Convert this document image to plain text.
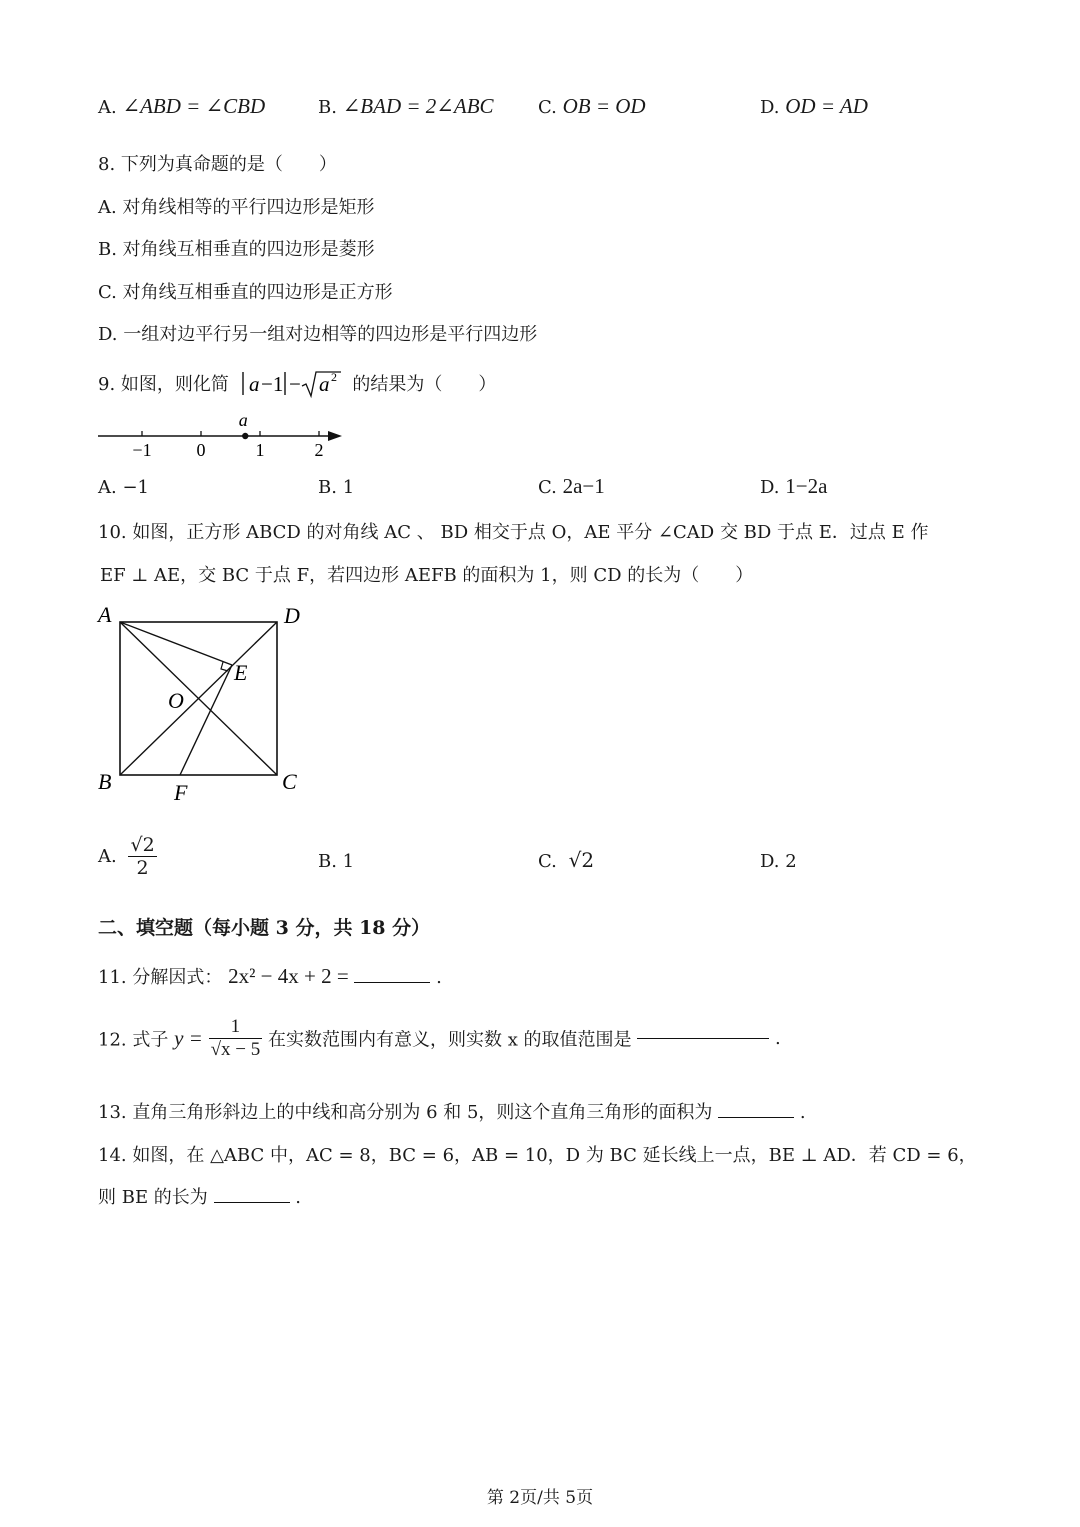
A. ∠ABD = ∠CBD	B. ∠BAD = 2∠ABC C. OB = OD	D. OD = AD
8. 下列为真命题的是（　　）
A. 对角线相等的平行四边形是矩形
B. 对角线互相垂直的四边形是菱形
C. 对角线互相垂直的四边形是正方形
D. 一组对边平行另一组对边相等的四边形是平行四边形
9. 如图，则化简 a −1 − a 2 的结果为（　　）
−1 0	1	2
a
A. −1	B. 1	C. 2a−1	D. 1−2a
10. 如图，正方形 ABCD 的对角线 AC 、 BD 相交于点 O，AE 平分 ∠CAD 交 BD 于点 E．过点 E 作
EF ⊥ AE，交 BC 于点 F，若四边形 AEFB 的面积为 1，则 CD 的长为（　　）
A	D
B	C
E
F
O
A. $\frac{√2}{2}$	B. 1	C. √2	D. 2
二、填空题（每小题 3 分，共 18 分）
11. 分解因式： 2x² − 4x + 2 =	.
12. 式子 $y = \frac{1}{√x - 5}$ 在实数范围内有意义，则实数 x 的取值范围是	.
13. 直角三角形斜边上的中线和高分别为 6 和 5，则这个直角三角形的面积为	.
14. 如图，在 △ABC 中，AC = 8，BC = 6，AB = 10，D 为 BC 延长线上一点，BE ⊥ AD．若 CD = 6，
则 BE 的长为	.
第 2页/共 5页
